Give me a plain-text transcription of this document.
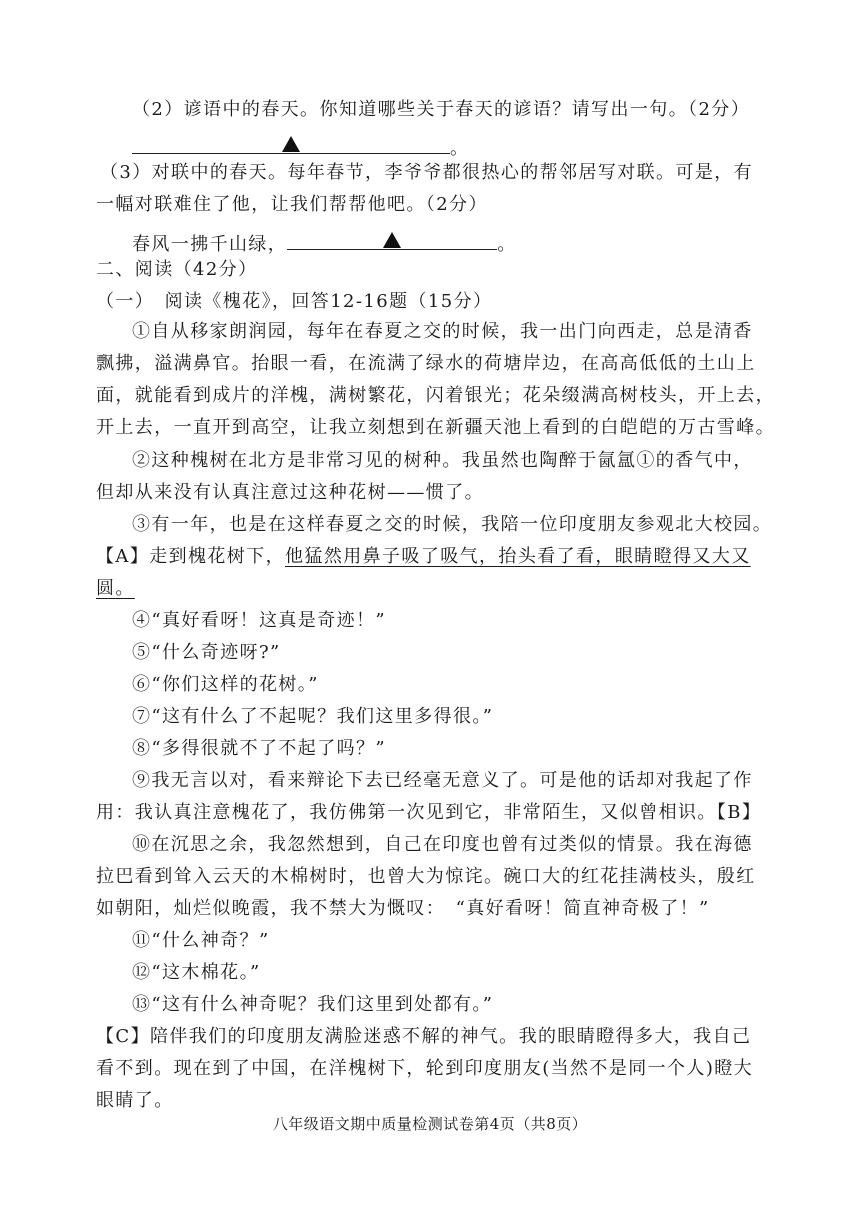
（2）谚语中的春天。你知道哪些关于春天的谚语？请写出一句。（2分）
。
（3）对联中的春天。每年春节，李爷爷都很热心的帮邻居写对联。可是，有
一幅对联难住了他，让我们帮帮他吧。（2分）
春风一拂千山绿，	。
二、阅读（42分）
（一）　阅读《槐花》，回答12-16题（15分）
①自从移家朗润园，每年在春夏之交的时候，我一出门向西走，总是清香
飘拂，溢满鼻官。抬眼一看，在流满了绿水的荷塘岸边，在高高低低的土山上
面，就能看到成片的洋槐，满树繁花，闪着银光；花朵缀满高树枝头，开上去，
开上去，一直开到高空，让我立刻想到在新疆天池上看到的白皑皑的万古雪峰。
②这种槐树在北方是非常习见的树种。我虽然也陶醉于氤氲①的香气中，
但却从来没有认真注意过这种花树——惯了。
③有一年，也是在这样春夏之交的时候，我陪一位印度朋友参观北大校园。
【A】走到槐花树下，他猛然用鼻子吸了吸气，抬头看了看，眼睛瞪得又大又
圆。
④“真好看呀！这真是奇迹！”
⑤“什么奇迹呀?”
⑥“你们这样的花树。”
⑦“这有什么了不起呢？我们这里多得很。”
⑧“多得很就不了不起了吗？”
⑨我无言以对，看来辩论下去已经毫无意义了。可是他的话却对我起了作
用：我认真注意槐花了，我仿佛第一次见到它，非常陌生，又似曾相识。【B】
⑩在沉思之余，我忽然想到，自己在印度也曾有过类似的情景。我在海德
拉巴看到耸入云天的木棉树时，也曾大为惊诧。碗口大的红花挂满枝头，殷红
如朝阳，灿烂似晚霞，我不禁大为慨叹：　“真好看呀！简直神奇极了！”
⑪“什么神奇？”
⑫“这木棉花。”
⑬“这有什么神奇呢？我们这里到处都有。”
【C】陪伴我们的印度朋友满脸迷惑不解的神气。我的眼睛瞪得多大，我自己
看不到。现在到了中国，在洋槐树下，轮到印度朋友(当然不是同一个人)瞪大
眼睛了。
八年级语文期中质量检测试卷第4页（共8页）
